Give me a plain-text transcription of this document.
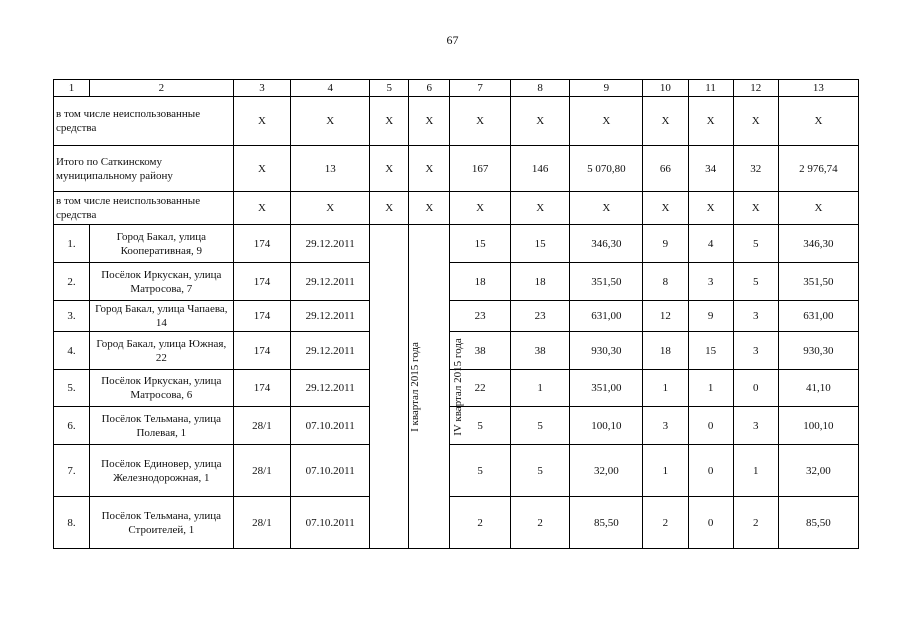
67
1	2	3	4	5	6	7	8	9	10	11	12	13
в том числе неиспользованные средства		Х	Х	Х	Х	Х	Х	Х	Х	Х	Х	Х
Итого по Саткинскому муниципальному району		Х	13	Х	Х	167	146	5 070,80	66	34	32	2 976,74
в том числе неиспользованные средства		Х	Х	Х	Х	Х	Х	Х	Х	Х	Х	Х
1.	Город Бакал, улица Кооперативная, 9	174	29.12.2011	I квартал 2015 года	IV квартал 2015 года	15	15	346,30	9	4	5	346,30
2.	Посёлок Иркускан, улица Матросова, 7	174	29.12.2011			18	18	351,50	8	3	5	351,50
3.	Город Бакал, улица Чапаева, 14	174	29.12.2011			23	23	631,00	12	9	3	631,00
4.	Город Бакал, улица Южная, 22	174	29.12.2011			38	38	930,30	18	15	3	930,30
5.	Посёлок Иркускан, улица Матросова, 6	174	29.12.2011			22	1	351,00	1	1	0	41,10
6.	Посёлок Тельмана, улица Полевая, 1	28/1	07.10.2011			5	5	100,10	3	0	3	100,10
7.	Посёлок Единовер, улица Железнодорожная, 1	28/1	07.10.2011			5	5	32,00	1	0	1	32,00
8.	Посёлок Тельмана, улица Строителей, 1	28/1	07.10.2011			2	2	85,50	2	0	2	85,50
